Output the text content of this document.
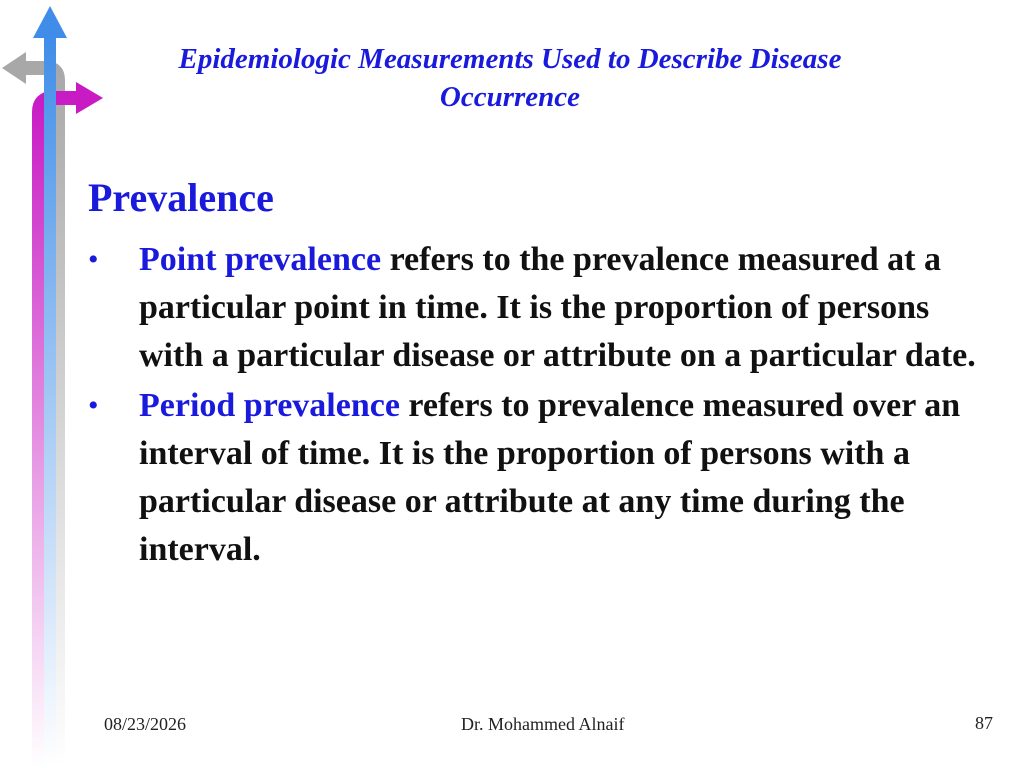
Epidemiologic Measurements Used to Describe Disease Occurrence
Prevalence
• Point prevalence refers to the prevalence measured at a particular point in time. It is the proportion of persons with a particular disease or attribute on a particular date.
• Period prevalence refers to prevalence measured over an interval of time. It is the proportion of persons with a particular disease or attribute at any time during the interval.
08/23/2026	Dr. Mohammed Alnaif	87
